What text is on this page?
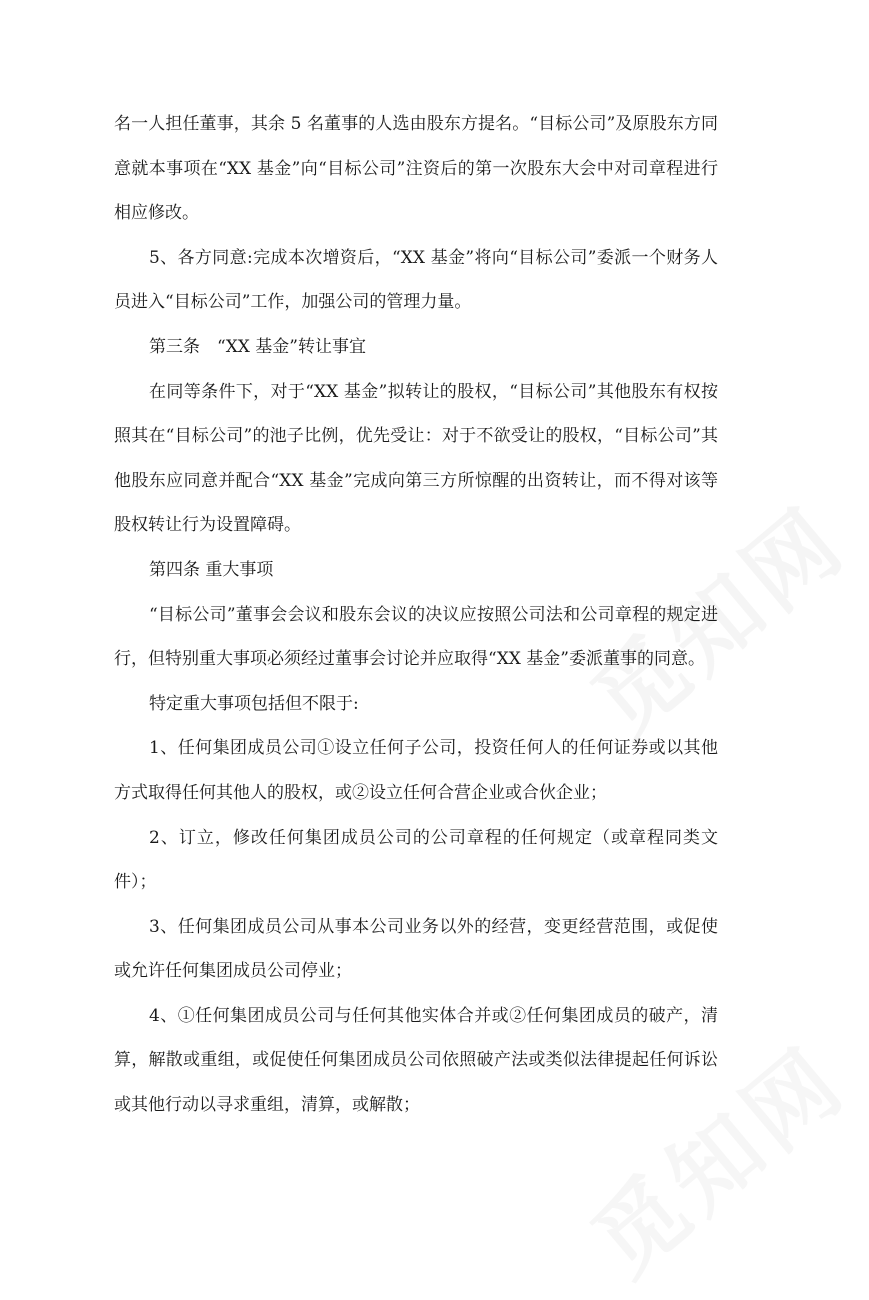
觅知网
觅知网

名一人担任董事，其余 5 名董事的人选由股东方提名。“目标公司”及原股东方同意就本事项在“XX 基金”向“目标公司”注资后的第一次股东大会中对司章程进行相应修改。

5、各方同意:完成本次增资后，“XX 基金”将向“目标公司”委派一个财务人员进入“目标公司”工作，加强公司的管理力量。

第三条　“XX 基金”转让事宜

在同等条件下，对于“XX 基金”拟转让的股权，“目标公司”其他股东有权按照其在“目标公司”的池子比例，优先受让：对于不欲受让的股权，“目标公司”其他股东应同意并配合“XX 基金”完成向第三方所惊醒的出资转让，而不得对该等股权转让行为设置障碍。

第四条 重大事项

“目标公司”董事会会议和股东会议的决议应按照公司法和公司章程的规定进行，但特别重大事项必须经过董事会讨论并应取得“XX 基金”委派董事的同意。

特定重大事项包括但不限于:

1、任何集团成员公司①设立任何子公司，投资任何人的任何证券或以其他方式取得任何其他人的股权，或②设立任何合营企业或合伙企业；

2、订立，修改任何集团成员公司的公司章程的任何规定（或章程同类文件）；

3、任何集团成员公司从事本公司业务以外的经营，变更经营范围，或促使或允许任何集团成员公司停业；

4、①任何集团成员公司与任何其他实体合并或②任何集团成员的破产，清算，解散或重组，或促使任何集团成员公司依照破产法或类似法律提起任何诉讼或其他行动以寻求重组，清算，或解散；
